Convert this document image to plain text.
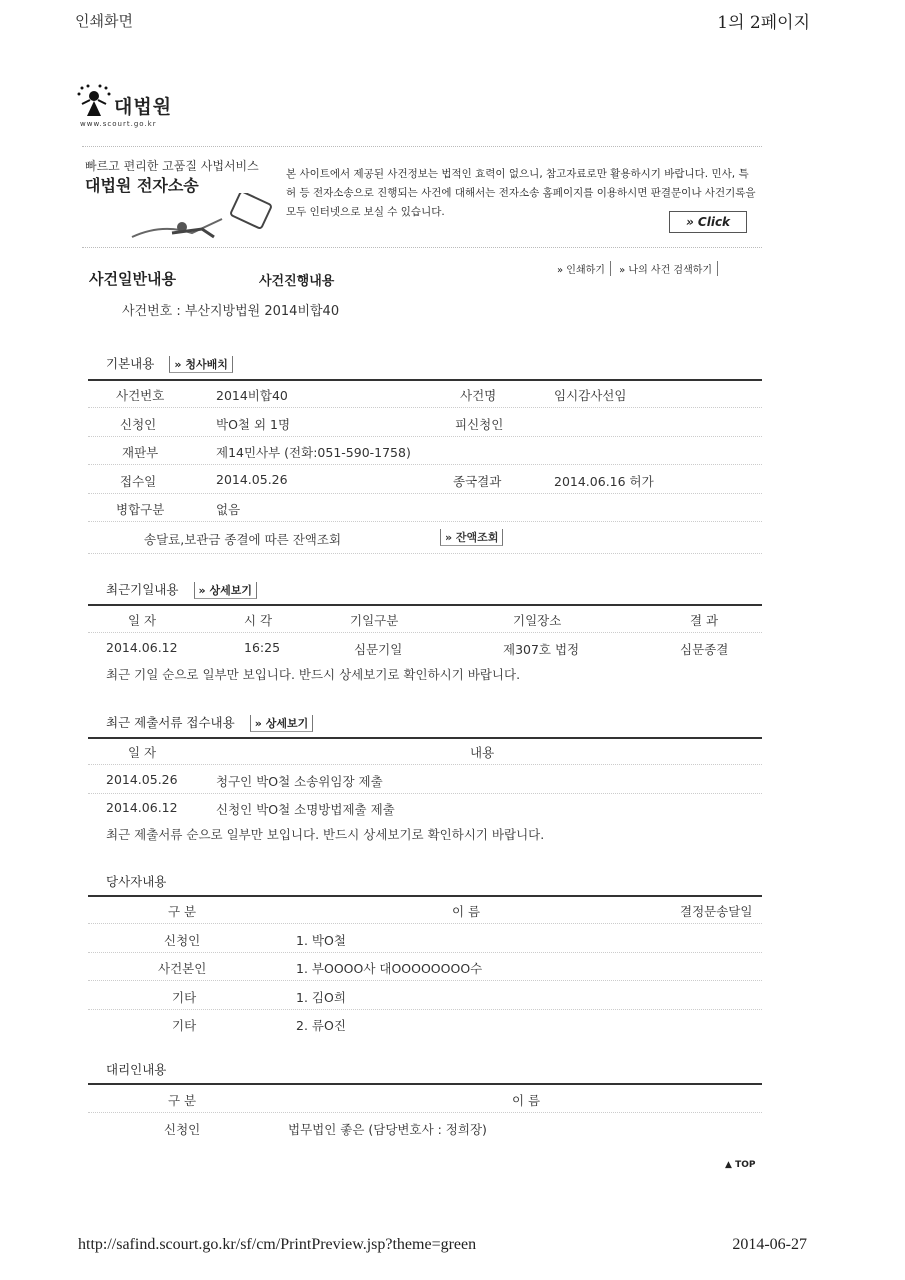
인쇄화면	1의 2페이지
대법원
www.scourt.go.kr
빠르고 편리한 고품질 사법서비스
대법원 전자소송
본 사이트에서 제공된 사건정보는 법적인 효력이 없으니, 참고자료로만 활용하시기 바랍니다. 민사, 특허 등 전자소송으로 진행되는 사건에 대해서는 전자소송 홈페이지를 이용하시면 판결문이나 사건기록을 모두 인터넷으로 보실 수 있습니다.
» Click
사건일반내용	사건진행내용
» 인쇄하기 » 나의 사건 검색하기
사건번호 : 부산지방법원 2014비합40
기본내용 » 청사배치
사건번호	2014비합40	사건명	임시감사선임
신청인	박O철 외 1명	피신청인
재판부	제14민사부 (전화:051-590-1758)
접수일	2014.05.26	종국결과	2014.06.16 허가
병합구분	없음
송달료,보관금 종결에 따른 잔액조회	» 잔액조회
최근기일내용 » 상세보기
일 자	시 각	기일구분	기일장소	결 과
2014.06.12	16:25	심문기일	제307호 법정	심문종결
최근 기일 순으로 일부만 보입니다. 반드시 상세보기로 확인하시기 바랍니다.
최근 제출서류 접수내용 » 상세보기
일 자	내용
2014.05.26	청구인 박O철 소송위임장 제출
2014.06.12	신청인 박O철 소명방법제출 제출
최근 제출서류 순으로 일부만 보입니다. 반드시 상세보기로 확인하시기 바랍니다.
당사자내용
구 분	이 름	결정문송달일
신청인	1. 박O철
사건본인	1. 부OOOO사 대OOOOOOOO수
기타	1. 김O희
기타	2. 류O진
대리인내용
구 분	이 름
신청인	법무법인 좋은 (담당변호사 : 정희장)
▲ TOP
http://safind.scourt.go.kr/sf/cm/PrintPreview.jsp?theme=green	2014-06-27
